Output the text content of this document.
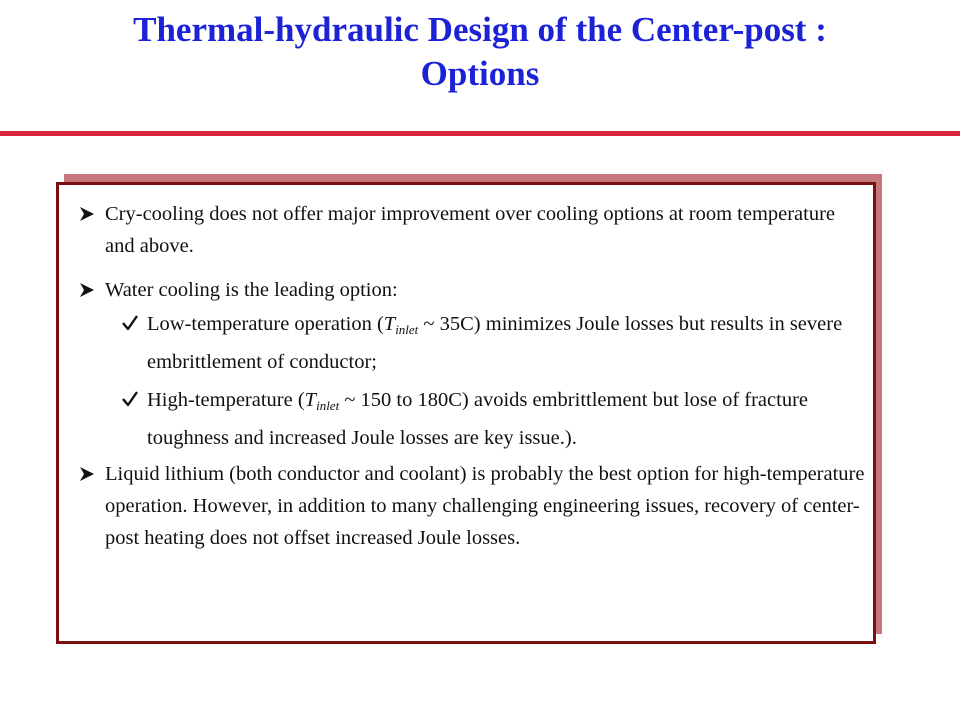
Thermal-hydraulic Design of the Center-post :
Options
Cry-cooling does not offer major improvement over cooling options at room temperature and above.
Water cooling is the leading option:
Low-temperature operation ($T_{inlet}$ ~ 35C) minimizes Joule losses but results in severe embrittlement of conductor;
High-temperature ($T_{inlet}$ ~ 150 to 180C) avoids embrittlement but lose of fracture toughness and increased Joule losses are key issue.).
Liquid lithium (both conductor and coolant) is probably the best option for high-temperature operation. However, in addition to many challenging engineering issues, recovery of center-post heating does not offset increased Joule losses.
